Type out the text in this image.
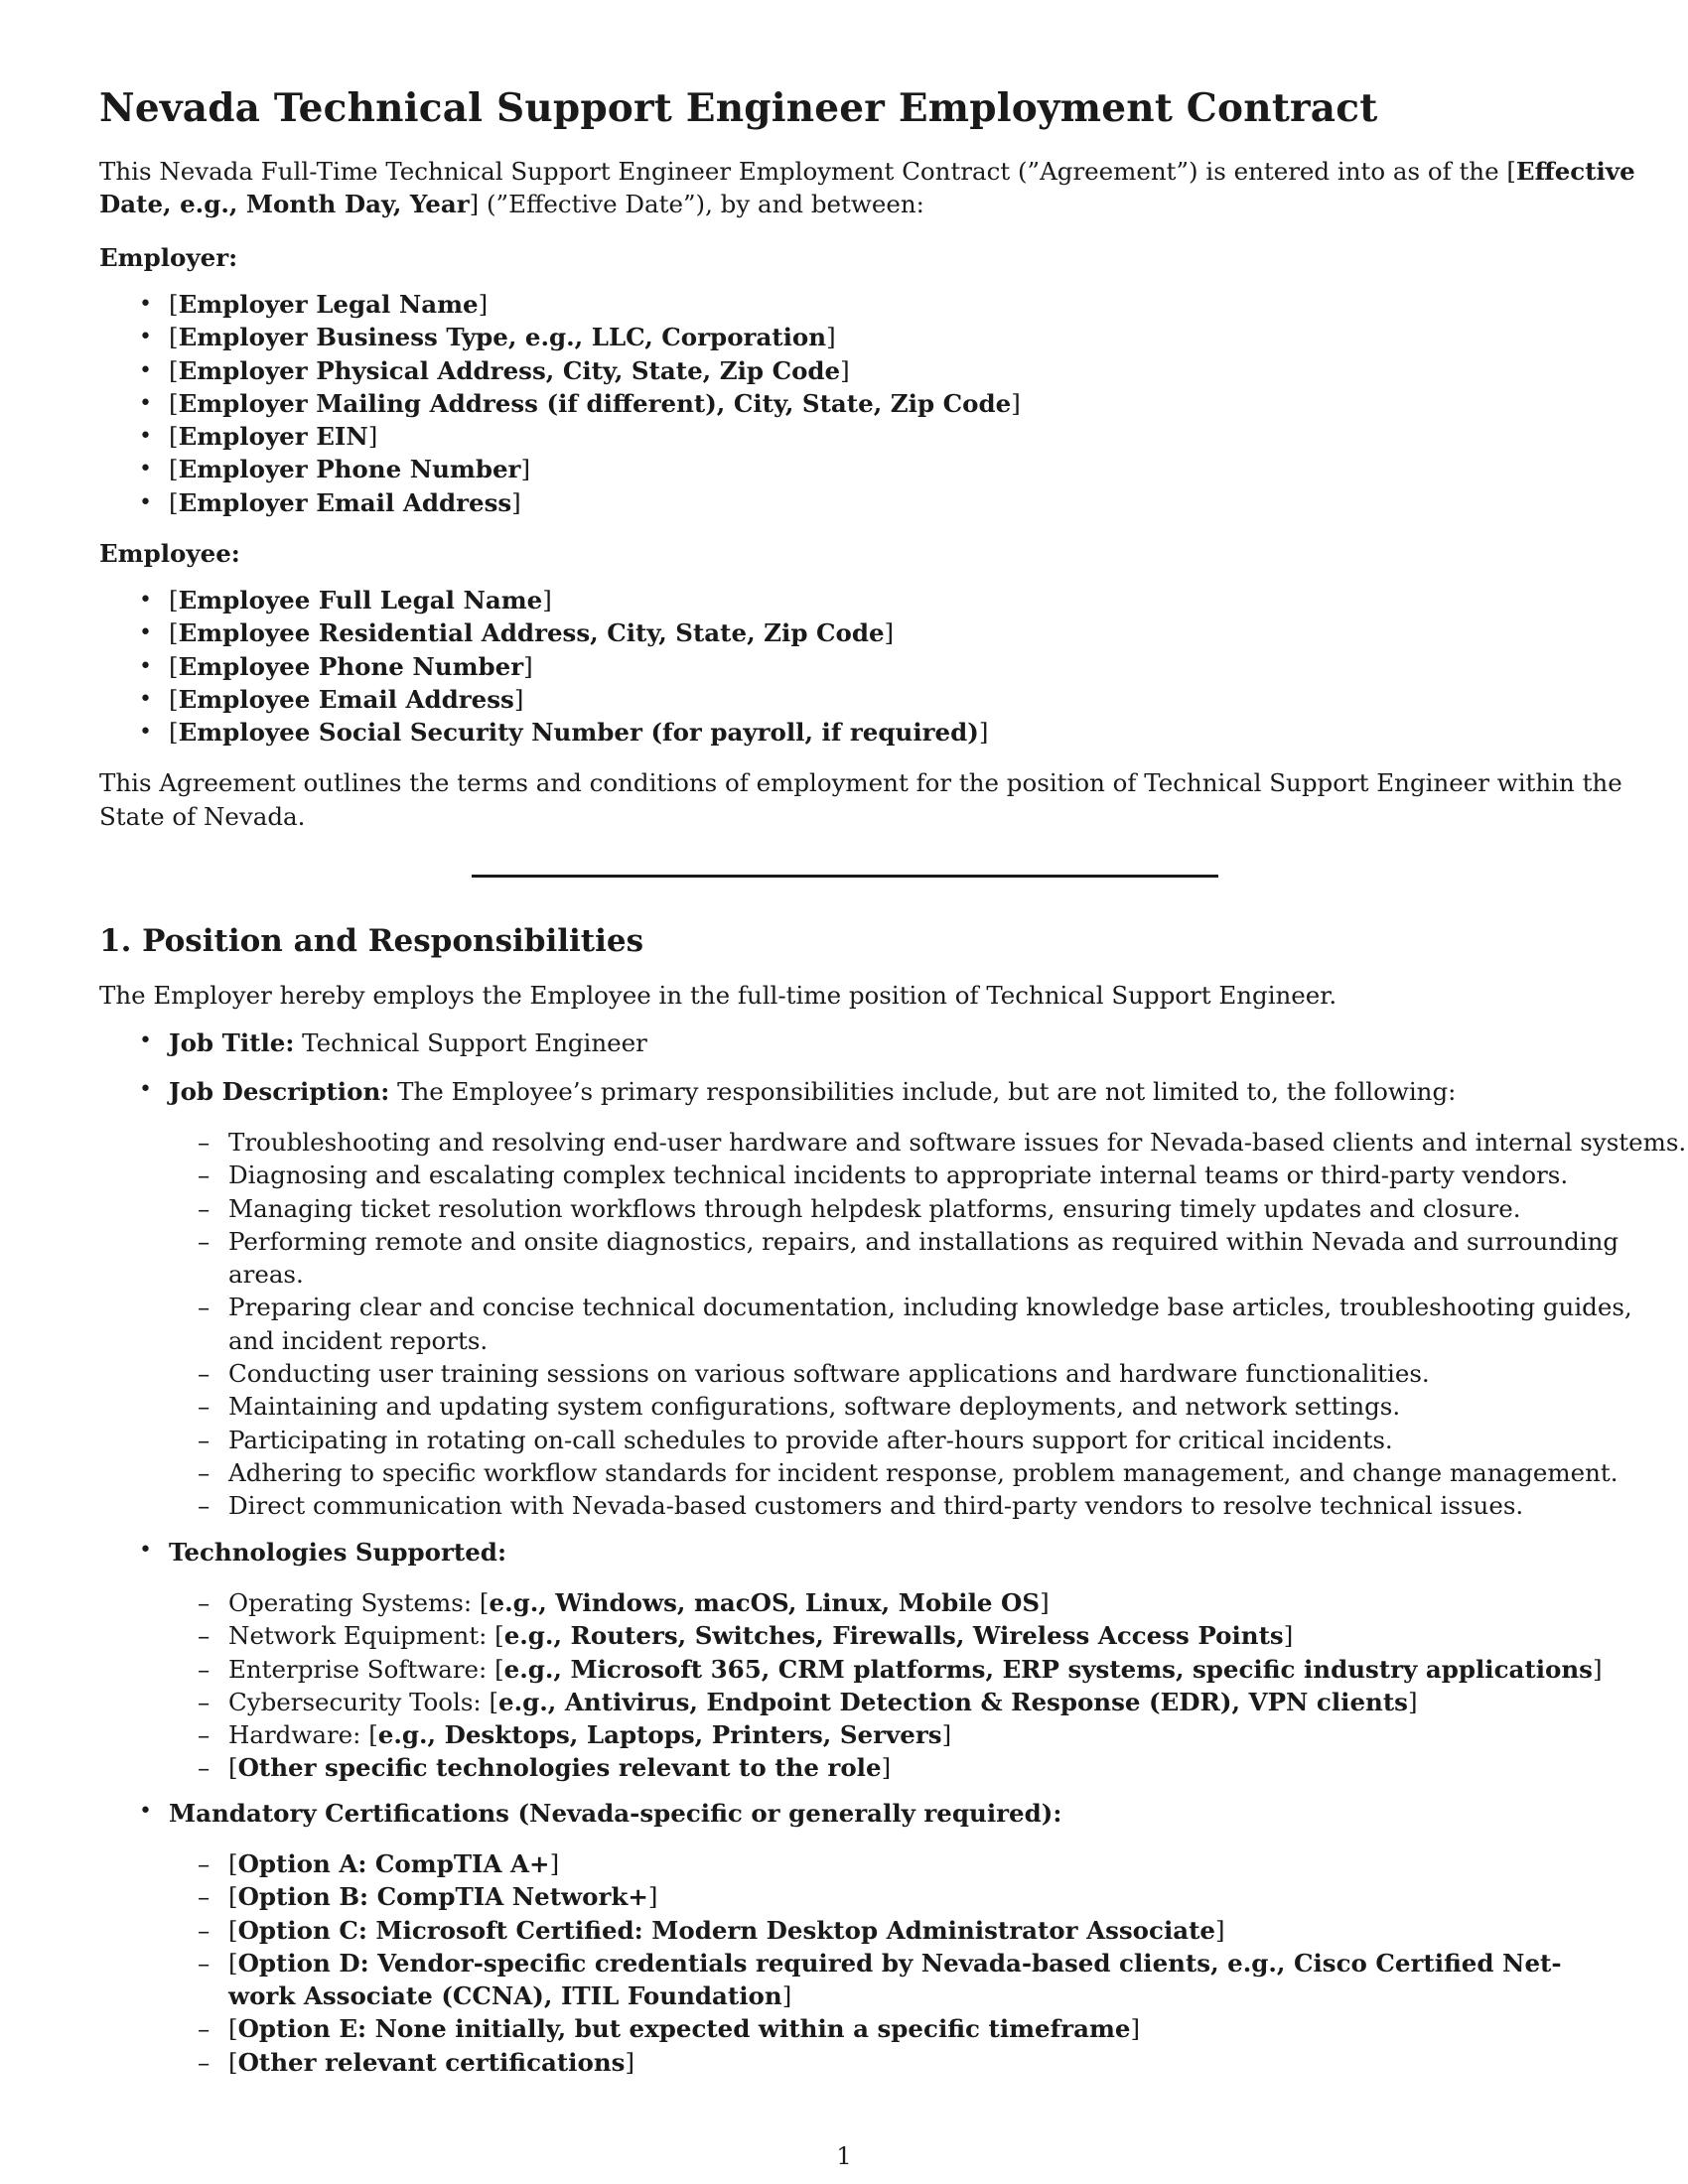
Nevada Technical Support Engineer Employment Contract

This Nevada Full-Time Technical Support Engineer Employment Contract (”Agreement”) is entered into as of the [Effective

Date, e.g., Month Day, Year] (”Effective Date”), by and between:

Employer:

• [Employer Legal Name]
• [Employer Business Type, e.g., LLC, Corporation]
• [Employer Physical Address, City, State, Zip Code]
• [Employer Mailing Address (if different), City, State, Zip Code]
• [Employer EIN]
• [Employer Phone Number]
• [Employer Email Address]

Employee:

• [Employee Full Legal Name]
• [Employee Residential Address, City, State, Zip Code]
• [Employee Phone Number]
• [Employee Email Address]
• [Employee Social Security Number (for payroll, if required)]

This Agreement outlines the terms and conditions of employment for the position of Technical Support Engineer within the

State of Nevada.

1. Position and Responsibilities

The Employer hereby employs the Employee in the full-time position of Technical Support Engineer.

• Job Title: Technical Support Engineer
• Job Description: The Employee’s primary responsibilities include, but are not limited to, the following:
– Troubleshooting and resolving end-user hardware and software issues for Nevada-based clients and internal systems.
– Diagnosing and escalating complex technical incidents to appropriate internal teams or third-party vendors.
– Managing ticket resolution workflows through helpdesk platforms, ensuring timely updates and closure.
– Performing remote and onsite diagnostics, repairs, and installations as required within Nevada and surrounding
areas.
– Preparing clear and concise technical documentation, including knowledge base articles, troubleshooting guides,
and incident reports.
– Conducting user training sessions on various software applications and hardware functionalities.
– Maintaining and updating system configurations, software deployments, and network settings.
– Participating in rotating on-call schedules to provide after-hours support for critical incidents.
– Adhering to specific workflow standards for incident response, problem management, and change management.
– Direct communication with Nevada-based customers and third-party vendors to resolve technical issues.
• Technologies Supported:
– Operating Systems: [e.g., Windows, macOS, Linux, Mobile OS]
– Network Equipment: [e.g., Routers, Switches, Firewalls, Wireless Access Points]
– Enterprise Software: [e.g., Microsoft 365, CRM platforms, ERP systems, specific industry applications]
– Cybersecurity Tools: [e.g., Antivirus, Endpoint Detection & Response (EDR), VPN clients]
– Hardware: [e.g., Desktops, Laptops, Printers, Servers]
– [Other specific technologies relevant to the role]
• Mandatory Certifications (Nevada-specific or generally required):
– [Option A: CompTIA A+]
– [Option B: CompTIA Network+]
– [Option C: Microsoft Certified: Modern Desktop Administrator Associate]
– [Option D: Vendor-specific credentials required by Nevada-based clients, e.g., Cisco Certified Net-
work Associate (CCNA), ITIL Foundation]
– [Option E: None initially, but expected within a specific timeframe]
– [Other relevant certifications]
1
